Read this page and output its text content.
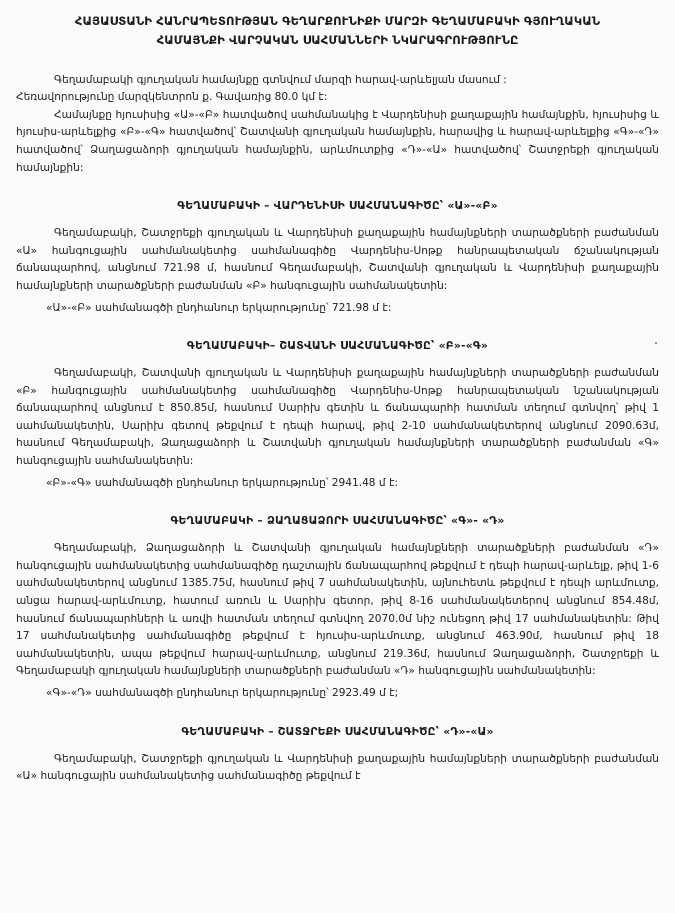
ՀԱՅԱՍՏԱՆԻ ՀԱՆՐԱՊԵՏՈՒԹՅԱՆ ԳԵՂԱՐՔՈՒՆԻՔԻ ՄԱՐԶԻ ԳԵՂԱՄԱԲԱԿԻ ԳՅՈՒՂԱԿԱՆ
ՀԱՄԱՅՆՔԻ ՎԱՐՉԱԿԱՆ ՍԱՀՄԱՆՆԵՐԻ ՆԿԱՐԱԳՐՈՒԹՅՈՒՆԸ

Գեղամաբակի գյուղական համայնքը գտնվում մարզի հարավ-արևելյան մասում :

Հեռավորությունը մարզկենտրոն ք. Գավառից 80.0 կմ է:

Համայնքը հյուսիսից «Ա»-«Բ» հատվածով սահմանակից է Վարդենիսի քաղաքային համայնքին, հյուսիսից և հյուսիս-արևելքից «Բ»-«Գ» հատվածով՝ Շատվանի գյուղական համայնքին, հարավից և հարավ-արևելքից «Գ»-«Դ» հատվածով՝ Ձաղացաձորի գյուղական համայնքին, արևմուտքից «Դ»-«Ա» հատվածով՝ Շատջրեքի գյուղական համայնքին:

ԳԵՂԱՄԱԲԱԿԻ – ՎԱՐԴԵՆԻՍԻ ՍԱՀՄԱՆԱԳԻԾԸ՝ «Ա»-«Բ»

Գեղամաբակի, Շատջրեքի գյուղական և Վարդենիսի քաղաքային համայնքների տարածքների բաժանման «Ա» հանգուցային սահմանակետից սահմանագիծը Վարդենիս-Սոթք հանրապետական ճշանակության ճանապարհով, անցնում 721.98 մ, հասնում Գեղամաբակի, Շատվանի գյուղական և Վարդենիսի քաղաքային համայնքների տարածքների բաժանման «Բ» հանգուցային սահմանակետին:

«Ա»-«Բ» սահմանագծի ընդհանուր երկարությունը՝ 721.98 մ է:

ԳԵՂԱՄԱԲԱԿԻ– ՇԱՏՎԱՆԻ ՍԱՀՄԱՆԱԳԻԾԸ՝ «Բ»-«Գ»

Գեղամաբակի, Շատվանի գյուղական և Վարդենիսի քաղաքային համայնքների տարածքների բաժանման «Բ» հանգուցային սահմանակետից սահմանագիծը Վարդենիս-Սոթք հանրապետական նշանակության ճանապարհով անցնում է 850.85մ, հասնում Սարիխ գետին և ճանապարհի հատման տեղում գտնվող՝ թիվ 1 սահմանակետին, Սարիխ գետով թեքվում է դեպի հարավ, թիվ 2-10 սահմանակետերով անցնում 2090.63մ, հասնում Գեղամաբակի, Ձաղացաձորի և Շատվանի գյուղական համայնքների տարածքների բաժանման «Գ» հանգուցային սահմանակետին:

«Բ»-«Գ» սահմանագծի ընդհանուր երկարությունը՝ 2941.48 մ է:

ԳԵՂԱՄԱԲԱԿԻ – ՁԱՂԱՑԱՁՈՐԻ ՍԱՀՄԱՆԱԳԻԾԸ՝ «Գ»- «Դ»

Գեղամաբակի, Ձաղացաձորի և Շատվանի գյուղական համայնքների տարածքների բաժանման «Դ» հանգուցային սահմանակետից սահմանագիծը դաշտային ճանապարհով թեքվում է դեպի հարավ-արևելք, թիվ 1-6 սահմանակետերով անցնում 1385.75մ, հասնում թիվ 7 սահմանակետին, այնուհետև թեքվում է դեպի արևմուտք, անցա հարավ-արևմուտք, հատում առուն և Սարիխ գետոր, թիվ 8-16 սահմանակետերով անցնում 854.48մ, հասնում ճանապարհների և առվի հատման տեղում գտնվող 2070.0մ նիշ ունեցող թիվ 17 սահմանակետին: Թիվ 17 սահմանակետից սահմանագիծը թեքվում է հյուսիս-արևմուտք, անցնում 463.90մ, հասնում թիվ 18 սահմանակետին, ապա թեքվում հարավ-արևմուտք, անցնում 219.36մ, հասնում Ձաղացաձորի, Շատջրեքի և Գեղամաբակի գյուղական համայնքների տարածքների բաժանման «Դ» հանգուցային սահմանակետին:

«Գ»-«Դ» սահմանագծի ընդհանուր երկարությունը՝ 2923.49 մ է;

ԳԵՂԱՄԱԲԱԿԻ – ՇԱՏՋՐԵՔԻ ՍԱՀՄԱՆԱԳԻԾԸ՝ «Դ»-«Ա»

Գեղամաբակի, Շատջրեքի գյուղական և Վարդենիսի քաղաքային համայնքների տարածքների բաժանման «Ա» հանգուցային սահմանակետից սահմանագիծը թեքվում է
